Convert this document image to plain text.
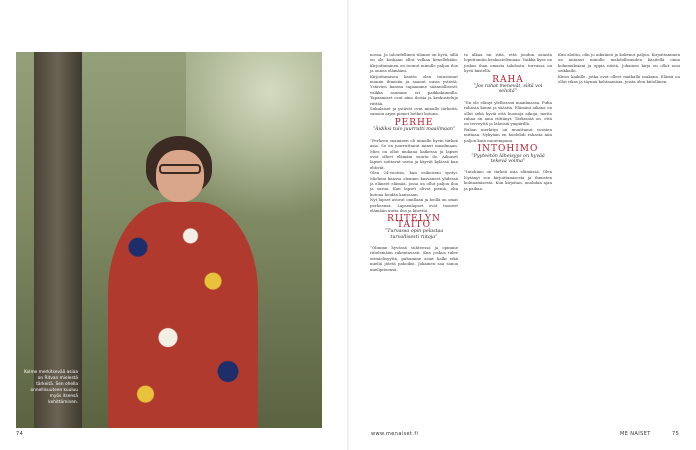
Kolme merkitsevää asiaa on Ritvan mielestä tärkeitä. Sen ohella onnellisuuteen kuuluu myös itsensä kehittäminen.
74

nossa. Ja taloudellinen tilanne on hyvä, sillä en ole koskaan ollut velkaa kenellekään. Kirjoittaminen on tuonut minulle paljon iloa ja onnea elämääni.

Kirjoittamisen kautta olen tutustunut moniin ihmisiin ja saanut uusia ystäviä. Ystävien kanssa tapaamme säännöllisesti, vaikka asumme eri paikkakunnilla. Tapaamiset ovat aina iloisia ja keskusteluja riittää.

Sukulaiset ja ystävät ovat minulle tärkeitä, samoin arjen pienet hetket kotona.

PERHE
”Äidiksi tulo juurrutti maailmaan”

”Perheen saaminen oli minulle hyvin tärkeä asia. Se on juurruttanut minut maailmaan. Mies on ollut mukana kaikessa ja lapset ovat olleet elämäni suurin ilo. Aikuiset lapset soittavat usein ja käyvät kylässä kun ehtivät.

Olen 24-vuotias, kun esikoiseni syntyi. Mieheni kanssa olemme kasvaneet yhdessä ja eläneet elämää, jossa on ollut paljon iloa ja surua. Kun lapset olivat pieniä, olin kotona heidän kanssaan.

Nyt lapset asuvat omillaan ja heillä on omat perheensä. Lapsenlapset ovat tuoneet elämään uutta iloa ja kiirettä.

RIITELYN TAITO
”Turvassa opin pelastaa turvallisesti riitoja”

”Olimme hyvässä suhteessa ja opimme riitelemään rakentavasti. Kun joskus tulee erimielisyyttä, puhumme asiat halki eikä mieliä jätetä pahoiksi. Jokainen saa sanoa mielipiteensä.

ta alkaa tai riita, että joudun asiasta loputtomiin keskustelemaan. Vaikka kyse on joskus ihan omasta tahdosta, turvassa on hyvä kiistellä.

RAHA
”Jos rahat menevät, siitä voi selvitä”

”En ole elänyt ylellisessä maailmassa. Pidin rahasta kiinni ja säästin. Elämäni aikana on ollut sekä hyviä että huonoja aikoja, mutta rahaa on aina riittänyt. Tärkeintä on, että on terveyttä ja läheisiä ympärillä.

Rahan merkitys on muuttunut vuosien mittaan. Nykyään en huolehdi rahasta niin paljon kuin nuorempana.

INTOHIMO
”Pyyteetön läheisyys on hyvää tekevä voima”

”Intohimo on tärkeä asia elämässä. Olen löytänyt sen kirjoittamisesta ja ihmisten kohtaamisesta. Kun kirjoitan, unohdan ajan ja paikan.

Kun aloitin, olin jo aikuinen ja kokenut paljon. Kirjoittaminen on antanut minulle mahdollisuuden käsitellä omia kokemuksiani ja oppia niistä. Jokainen kirja on ollut uusi seikkailu.

Kiitos kaikille, jotka ovat olleet matkalla mukana. Elämä on ollut rikas ja täynnä kohtaamisia, joista olen kiitollinen.

www.menaiset.fi	ME NAISET	75
